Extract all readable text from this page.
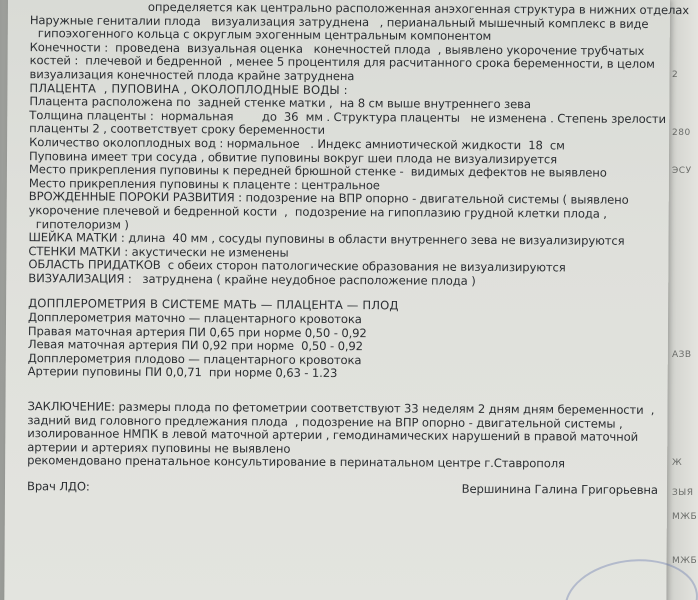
2
280
ЭСУ
АЗВ
Ж
ЗЫЯ
МЖБ
МЖБ

определяется как центрально расположенная анэхогенная структура в нижних отделах

Наружные гениталии плода   визуализация затруднена   , перианальный мышечный комплекс в виде

гипоэхогенного кольца с округлым эхогенным центральным компонентом

Конечности :  проведена  визуальная оценка   конечностей плода  , выявлено укорочение трубчатых

костей :  плечевой и бедренной  , менее 5 процентиля для расчитанного срока беременности, в целом

визуализация конечностей плода крайне затруднена

ПЛАЦЕНТА  , ПУПОВИНА , ОКОЛОПЛОДНЫЕ ВОДЫ :

Плацента расположена по  задней стенке матки ,  на 8 см выше внутреннего зева

Толщина плаценты :  нормальная        до  36  мм . Структура плаценты   не изменена . Степень зрелости

плаценты 2 , соответствует сроку беременности

Количество околоплодных вод : нормальное   . Индекс амниотической жидкости  18  см

Пуповина имеет три сосуда , обвитие пуповины вокруг шеи плода не визуализируется

Место прикрепления пуповины к передней брюшной стенке -  видимых дефектов не выявлено

Место прикрепления пуповины к плаценте : центральное

ВРОЖДЕННЫЕ ПОРОКИ РАЗВИТИЯ : подозрение на ВПР опорно - двигательной системы ( выявлено

укорочение плечевой и бедренной кости  ,  подозрение на гипоплазию грудной клетки плода ,

гипотелоризм )

ШЕЙКА МАТКИ : длина  40 мм , сосуды пуповины в области внутреннего зева не визуализируются

СТЕНКИ МАТКИ : акустически не изменены

ОБЛАСТЬ ПРИДАТКОВ  с обеих сторон патологические образования не визуализируются

ВИЗУАЛИЗАЦИЯ :   затруднена ( крайне неудобное расположение плода )

ДОППЛЕРОМЕТРИЯ В СИСТЕМЕ МАТЬ — ПЛАЦЕНТА — ПЛОД

Допплерометрия маточно — плацентарного кровотока

Правая маточная артерия ПИ 0,65 при норме 0,50 - 0,92

Левая маточная артерия ПИ 0,92 при норме  0,50 - 0,92

Допплерометрия плодово — плацентарного кровотока

Артерии пуповины ПИ 0,0,71  при норме 0,63 - 1.23

ЗАКЛЮЧЕНИЕ: размеры плода по фетометрии соответствуют 33 неделям 2 дням дням беременности  ,

задний вид головного предлежания плода  , подозрение на ВПР опорно - двигательной системы ,

изолированное НМПК в левой маточной артерии , гемодинамических нарушений в правой маточной

артерии и артериях пуповины не выявлено

рекомендовано пренатальное консультирование в перинатальном центре г.Ставрополя

Врач ЛДО:	Вершинина Галина Григорьевна
